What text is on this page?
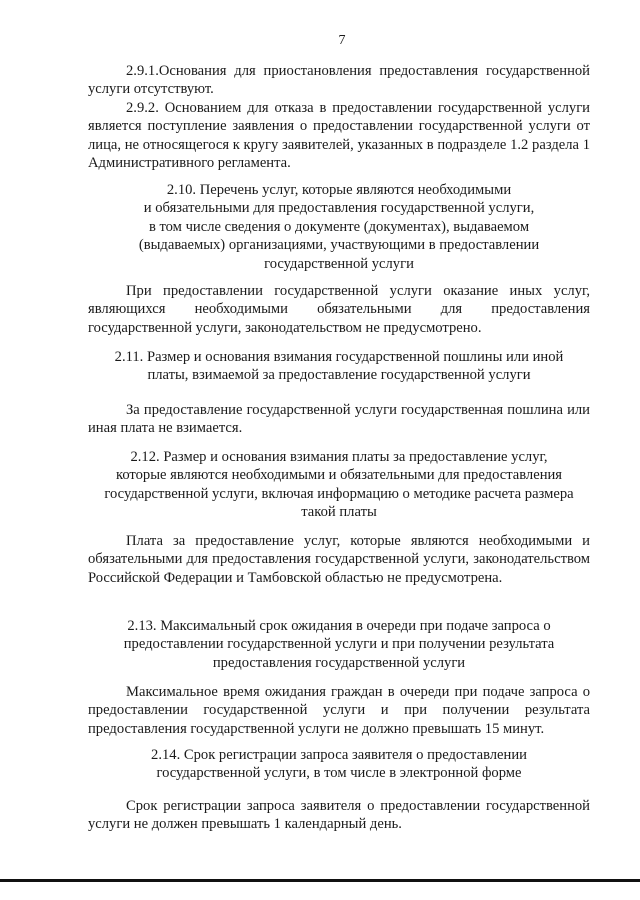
7

2.9.1.Основания для приостановления предоставления государственной услуги отсутствуют.

2.9.2. Основанием для отказа в предоставлении государственной услуги является поступление заявления о предоставлении государственной услуги от лица, не относящегося к кругу заявителей, указанных в подразделе 1.2 раздела 1 Административного регламента.

2.10. Перечень услуг, которые являются необходимыми
и обязательными для предоставления государственной услуги,
в том числе сведения о документе (документах), выдаваемом
(выдаваемых) организациями, участвующими в предоставлении
государственной услуги

При предоставлении государственной услуги оказание иных услуг, являющихся необходимыми обязательными для предоставления государственной услуги, законодательством не предусмотрено.

2.11. Размер и основания взимания государственной пошлины или иной
платы, взимаемой за предоставление государственной услуги

За предоставление государственной услуги государственная пошлина или иная плата не взимается.

2.12. Размер и основания взимания платы за предоставление услуг,
которые являются необходимыми и обязательными для предоставления
государственной услуги, включая информацию о методике расчета размера
такой платы

Плата за предоставление услуг, которые являются необходимыми и обязательными для предоставления государственной услуги, законодательством Российской Федерации и Тамбовской областью не предусмотрена.

2.13. Максимальный срок ожидания в очереди при подаче запроса о
предоставлении государственной услуги и при получении результата
предоставления государственной услуги

Максимальное время ожидания граждан в очереди при подаче запроса о предоставлении государственной услуги и при получении результата предоставления государственной услуги не должно превышать 15 минут.

2.14. Срок регистрации запроса заявителя о предоставлении
государственной услуги, в том числе в электронной форме

Срок регистрации запроса заявителя о предоставлении государственной услуги не должен превышать 1 календарный день.
